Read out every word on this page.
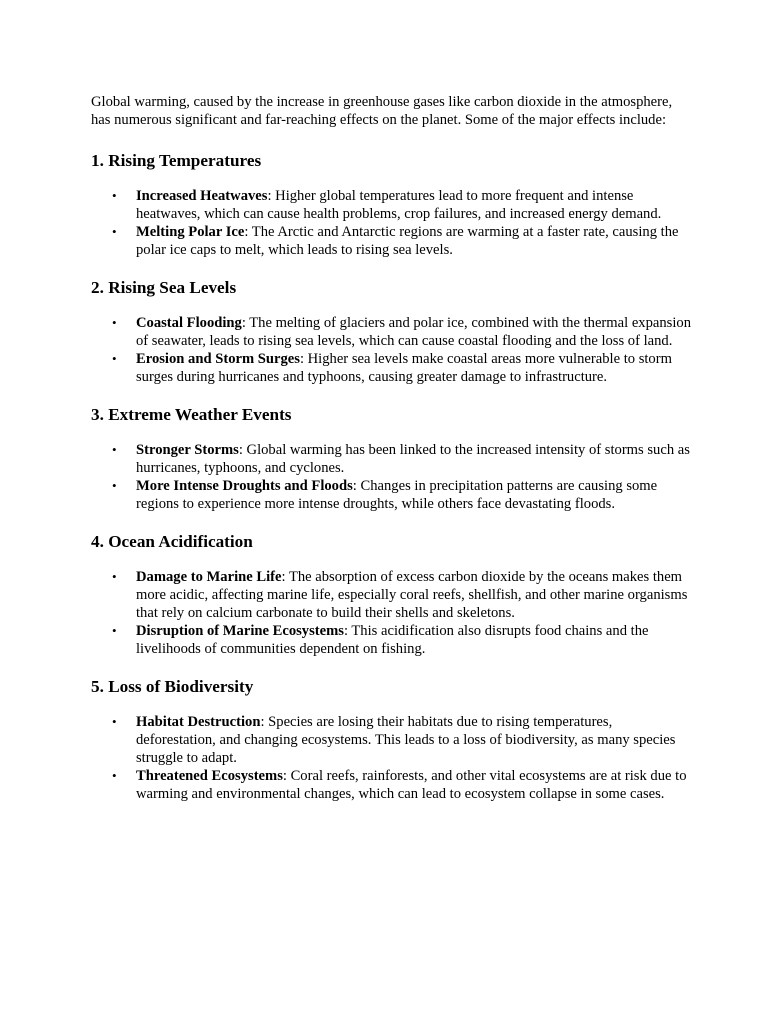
Global warming, caused by the increase in greenhouse gases like carbon dioxide in the atmosphere, has numerous significant and far-reaching effects on the planet. Some of the major effects include:

1. Rising Temperatures
• Increased Heatwaves: Higher global temperatures lead to more frequent and intense heatwaves, which can cause health problems, crop failures, and increased energy demand.
• Melting Polar Ice: The Arctic and Antarctic regions are warming at a faster rate, causing the polar ice caps to melt, which leads to rising sea levels.
2. Rising Sea Levels
• Coastal Flooding: The melting of glaciers and polar ice, combined with the thermal expansion of seawater, leads to rising sea levels, which can cause coastal flooding and the loss of land.
• Erosion and Storm Surges: Higher sea levels make coastal areas more vulnerable to storm surges during hurricanes and typhoons, causing greater damage to infrastructure.
3. Extreme Weather Events
• Stronger Storms: Global warming has been linked to the increased intensity of storms such as hurricanes, typhoons, and cyclones.
• More Intense Droughts and Floods: Changes in precipitation patterns are causing some regions to experience more intense droughts, while others face devastating floods.
4. Ocean Acidification
• Damage to Marine Life: The absorption of excess carbon dioxide by the oceans makes them more acidic, affecting marine life, especially coral reefs, shellfish, and other marine organisms that rely on calcium carbonate to build their shells and skeletons.
• Disruption of Marine Ecosystems: This acidification also disrupts food chains and the livelihoods of communities dependent on fishing.
5. Loss of Biodiversity
• Habitat Destruction: Species are losing their habitats due to rising temperatures, deforestation, and changing ecosystems. This leads to a loss of biodiversity, as many species struggle to adapt.
• Threatened Ecosystems: Coral reefs, rainforests, and other vital ecosystems are at risk due to warming and environmental changes, which can lead to ecosystem collapse in some cases.
